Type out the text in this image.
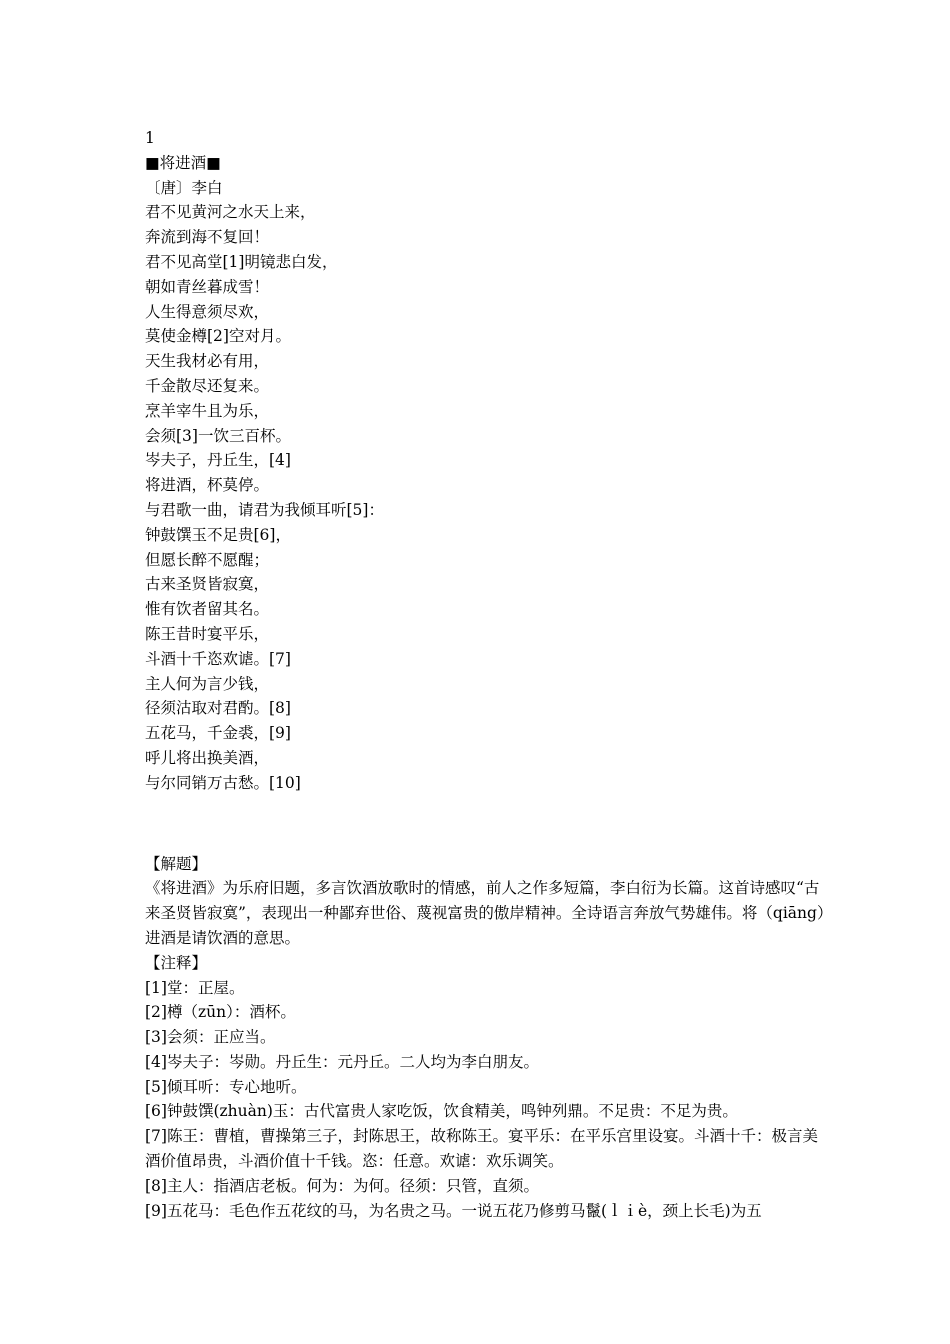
1
■将进酒■
〔唐〕李白
君不见黄河之水天上来，
奔流到海不复回！
君不见高堂[1]明镜悲白发，
朝如青丝暮成雪！
人生得意须尽欢，
莫使金樽[2]空对月。
天生我材必有用，
千金散尽还复来。
烹羊宰牛且为乐，
会须[3]一饮三百杯。
岑夫子，丹丘生，[4]
将进酒，杯莫停。
与君歌一曲，请君为我倾耳听[5]：
钟鼓馔玉不足贵[6]，
但愿长醉不愿醒；
古来圣贤皆寂寞，
惟有饮者留其名。
陈王昔时宴平乐，
斗酒十千恣欢谑。[7]
主人何为言少钱，
径须沽取对君酌。[8]
五花马，千金裘，[9]
呼儿将出换美酒，
与尔同销万古愁。[10]
【解题】
《将进酒》为乐府旧题，多言饮酒放歌时的情感，前人之作多短篇，李白衍为长篇。这首诗感叹“古来圣贤皆寂寞”，表现出一种鄙弃世俗、蔑视富贵的傲岸精神。全诗语言奔放气势雄伟。将（qiāng）进酒是请饮酒的意思。
【注释】
[1]堂：正屋。
[2]樽（zūn）：酒杯。
[3]会须：正应当。
[4]岑夫子：岑勋。丹丘生：元丹丘。二人均为李白朋友。
[5]倾耳听：专心地听。
[6]钟鼓馔(zhuàn)玉：古代富贵人家吃饭，饮食精美，鸣钟列鼎。不足贵：不足为贵。
[7]陈王：曹植，曹操第三子，封陈思王，故称陈王。宴平乐：在平乐宫里设宴。斗酒十千：极言美酒价值昂贵，斗酒价值十千钱。恣：任意。欢谑：欢乐调笑。
[8]主人：指酒店老板。何为：为何。径须：只管，直须。
[9]五花马：毛色作五花纹的马，为名贵之马。一说五花乃修剪马鬣(ｌｉè，颈上长毛)为五
